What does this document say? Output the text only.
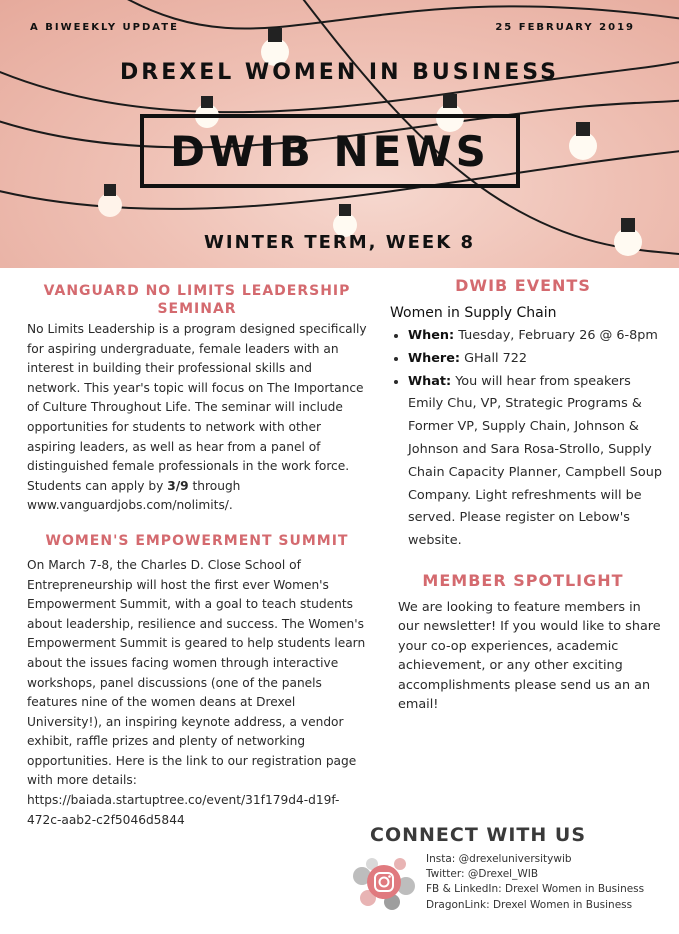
A BIWEEKLY UPDATE	25 FEBRUARY 2019
DREXEL WOMEN IN BUSINESS
DWIB NEWS
WINTER TERM, WEEK 8
VANGUARD NO LIMITS LEADERSHIP SEMINAR

No Limits Leadership is a program designed specifically for aspiring undergraduate, female leaders with an interest in building their professional skills and network. This year's topic will focus on The Importance of Culture Throughout Life. The seminar will include opportunities for students to network with other aspiring leaders, as well as hear from a panel of distinguished female professionals in the work force. Students can apply by 3/9 through www.vanguardjobs.com/nolimits/.

WOMEN'S EMPOWERMENT SUMMIT

On March 7-8, the Charles D. Close School of Entrepreneurship will host the first ever Women's Empowerment Summit, with a goal to teach students about leadership, resilience and success. The Women's Empowerment Summit is geared to help students learn about the issues facing women through interactive workshops, panel discussions (one of the panels features nine of the women deans at Drexel University!), an inspiring keynote address, a vendor exhibit, raffle prizes and plenty of networking opportunities. Here is the link to our registration page with more details: https://baiada.startuptree.co/event/31f179d4-d19f-472c-aab2-c2f5046d5844

DWIB EVENTS
Women in Supply Chain
• When: Tuesday, February 26 @ 6-8pm
• Where: GHall 722
• What: You will hear from speakers Emily Chu, VP, Strategic Programs & Former VP, Supply Chain, Johnson & Johnson and Sara Rosa-Strollo, Supply Chain Capacity Planner, Campbell Soup Company. Light refreshments will be served. Please register on Lebow's website.
MEMBER SPOTLIGHT

We are looking to feature members in our newsletter! If you would like to share your co-op experiences, academic achievement, or any other exciting accomplishments please send us an an email!

CONNECT WITH US
Insta: @drexeluniversitywib
Twitter: @Drexel_WIB
FB & LinkedIn: Drexel Women in Business
DragonLink: Drexel Women in Business
